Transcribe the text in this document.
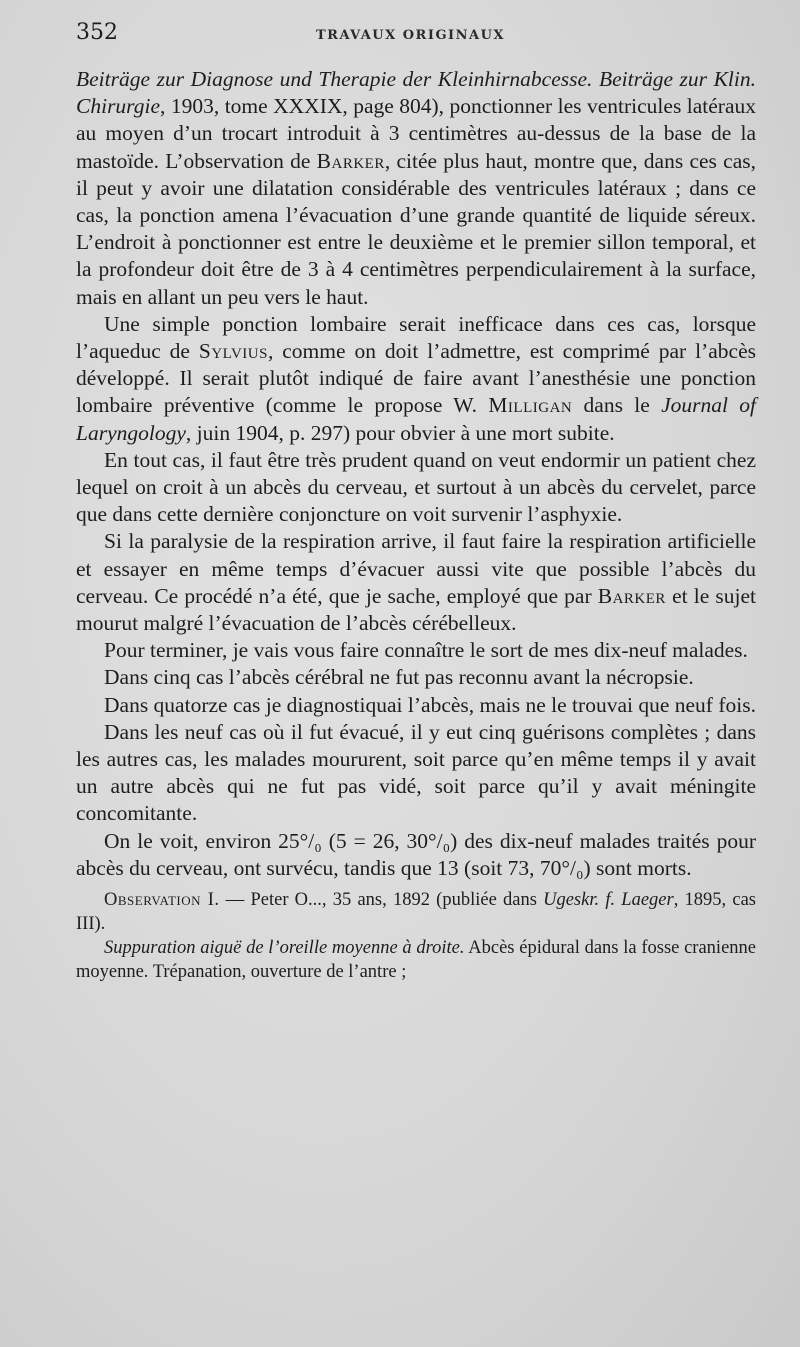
352	TRAVAUX ORIGINAUX

Beiträge zur Diagnose und Therapie der Kleinhirnabcesse. Beiträge zur Klin. Chirurgie, 1903, tome XXXIX, page 804), ponctionner les ventricules latéraux au moyen d’un trocart introduit à 3 centimètres au-dessus de la base de la mastoïde. L’observation de Barker, citée plus haut, montre que, dans ces cas, il peut y avoir une dilatation considérable des ventricules latéraux ; dans ce cas, la ponction amena l’évacuation d’une grande quantité de liquide séreux. L’endroit à ponctionner est entre le deuxième et le premier sillon temporal, et la profondeur doit être de 3 à 4 centimètres perpendiculairement à la surface, mais en allant un peu vers le haut.

Une simple ponction lombaire serait inefficace dans ces cas, lorsque l’aqueduc de Sylvius, comme on doit l’admettre, est comprimé par l’abcès développé. Il serait plutôt indiqué de faire avant l’anesthésie une ponction lombaire préventive (comme le propose W. Milligan dans le Journal of Laryngology, juin 1904, p. 297) pour obvier à une mort subite.

En tout cas, il faut être très prudent quand on veut endormir un patient chez lequel on croit à un abcès du cerveau, et surtout à un abcès du cervelet, parce que dans cette dernière conjoncture on voit survenir l’asphyxie.

Si la paralysie de la respiration arrive, il faut faire la respiration artificielle et essayer en même temps d’évacuer aussi vite que possible l’abcès du cerveau. Ce procédé n’a été, que je sache, employé que par Barker et le sujet mourut malgré l’évacuation de l’abcès cérébelleux.

Pour terminer, je vais vous faire connaître le sort de mes dix-neuf malades.

Dans cinq cas l’abcès cérébral ne fut pas reconnu avant la nécropsie.

Dans quatorze cas je diagnostiquai l’abcès, mais ne le trouvai que neuf fois.

Dans les neuf cas où il fut évacué, il y eut cinq guérisons complètes ; dans les autres cas, les malades moururent, soit parce qu’en même temps il y avait un autre abcès qui ne fut pas vidé, soit parce qu’il y avait méningite concomitante.

On le voit, environ 25°/₀ (5 = 26, 30°/₀) des dix-neuf malades traités pour abcès du cerveau, ont survécu, tandis que 13 (soit 73, 70°/₀) sont morts.

Observation I. — Peter O..., 35 ans, 1892 (publiée dans Ugeskr. f. Laeger, 1895, cas III).

Suppuration aiguë de l’oreille moyenne à droite. Abcès épidural dans la fosse cranienne moyenne. Trépanation, ouverture de l’antre ;
